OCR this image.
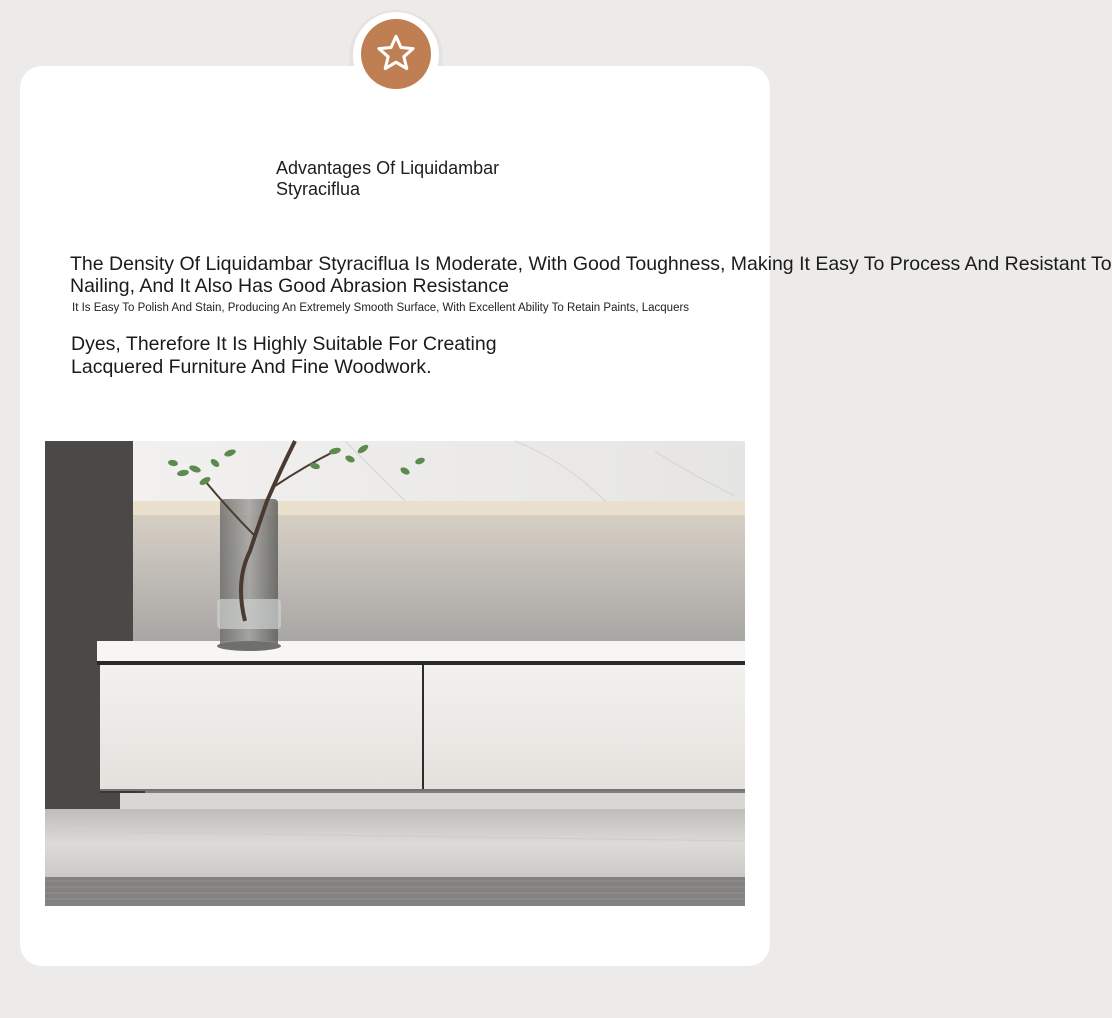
Advantages Of Liquidambar
Styraciflua
The Density Of Liquidambar Styraciflua Is Moderate, With Good Toughness, Making It Easy To Process And Resistant To
Nailing, And It Also Has Good Abrasion Resistance
It Is Easy To Polish And Stain, Producing An Extremely Smooth Surface, With Excellent Ability To Retain Paints, Lacquers
Dyes, Therefore It Is Highly Suitable For Creating
Lacquered Furniture And Fine Woodwork.
